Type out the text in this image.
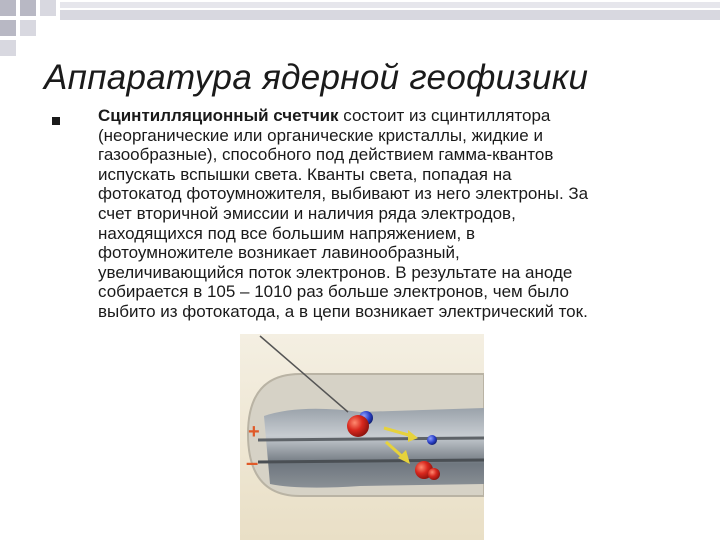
Аппаратура ядерной геофизики
Сцинтилляционный счетчик состоит из сцинтиллятора
(неорганические или органические кристаллы, жидкие и
газообразные), способного под действием гамма-квантов
испускать вспышки света. Кванты света, попадая на
фотокатод фотоумножителя, выбивают из него электроны. За
счет вторичной эмиссии и наличия ряда электродов,
находящихся под все большим напряжением, в
фотоумножителе возникает лавинообразный,
увеличивающийся поток электронов. В результате на аноде
собирается в 105 – 1010 раз больше электронов, чем было
выбито из фотокатода, а в цепи возникает электрический ток.
+
–
